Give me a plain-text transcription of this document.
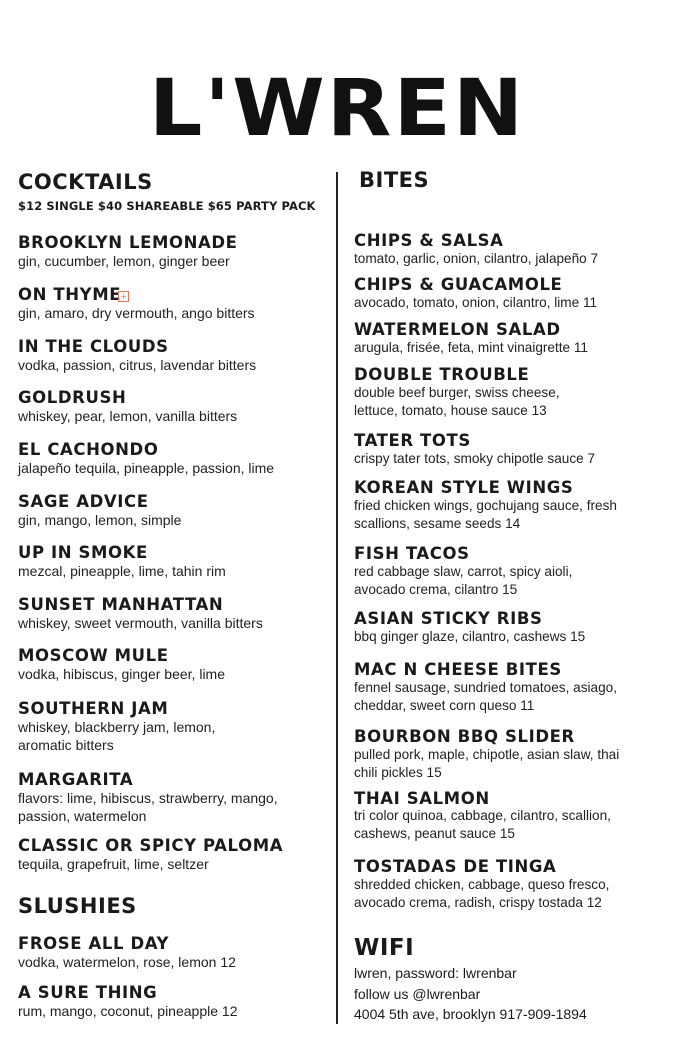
L'WREN
COCKTAILS
$12 SINGLE $40 SHAREABLE $65 PARTY PACK
BROOKLYN LEMONADE
gin, cucumber, lemon, ginger beer
ON THYME+
gin, amaro, dry vermouth, ango bitters
IN THE CLOUDS
vodka, passion, citrus, lavendar bitters
GOLDRUSH
whiskey, pear, lemon, vanilla bitters
EL CACHONDO
jalapeño tequila, pineapple, passion, lime
SAGE ADVICE
gin, mango, lemon, simple
UP IN SMOKE
mezcal, pineapple, lime, tahin rim
SUNSET MANHATTAN
whiskey, sweet vermouth, vanilla bitters
MOSCOW MULE
vodka, hibiscus, ginger beer, lime
SOUTHERN JAM
whiskey, blackberry jam, lemon, aromatic bitters
MARGARITA
flavors: lime, hibiscus, strawberry, mango, passion, watermelon
CLASSIC OR SPICY PALOMA
tequila, grapefruit, lime, seltzer
SLUSHIES
FROSE ALL DAY
vodka, watermelon, rose, lemon 12
A SURE THING
rum, mango, coconut, pineapple 12
BITES
CHIPS & SALSA
tomato, garlic, onion, cilantro, jalapeño 7
CHIPS & GUACAMOLE
avocado, tomato, onion, cilantro, lime 11
WATERMELON SALAD
arugula, frisée, feta, mint vinaigrette 11
DOUBLE TROUBLE
double beef burger, swiss cheese, lettuce, tomato, house sauce 13
TATER TOTS
crispy tater tots, smoky chipotle sauce 7
KOREAN STYLE WINGS
fried chicken wings, gochujang sauce, fresh scallions, sesame seeds 14
FISH TACOS
red cabbage slaw, carrot, spicy aioli, avocado crema, cilantro 15
ASIAN STICKY RIBS
bbq ginger glaze, cilantro, cashews 15
MAC N CHEESE BITES
fennel sausage, sundried tomatoes, asiago, cheddar, sweet corn queso 11
BOURBON BBQ SLIDER
pulled pork, maple, chipotle, asian slaw, thai chili pickles 15
THAI SALMON
tri color quinoa, cabbage, cilantro, scallion, cashews, peanut sauce 15
TOSTADAS DE TINGA
shredded chicken, cabbage, queso fresco, avocado crema, radish, crispy tostada 12
WIFI
lwren, password: lwrenbar
follow us @lwrenbar
4004 5th ave, brooklyn 917-909-1894
